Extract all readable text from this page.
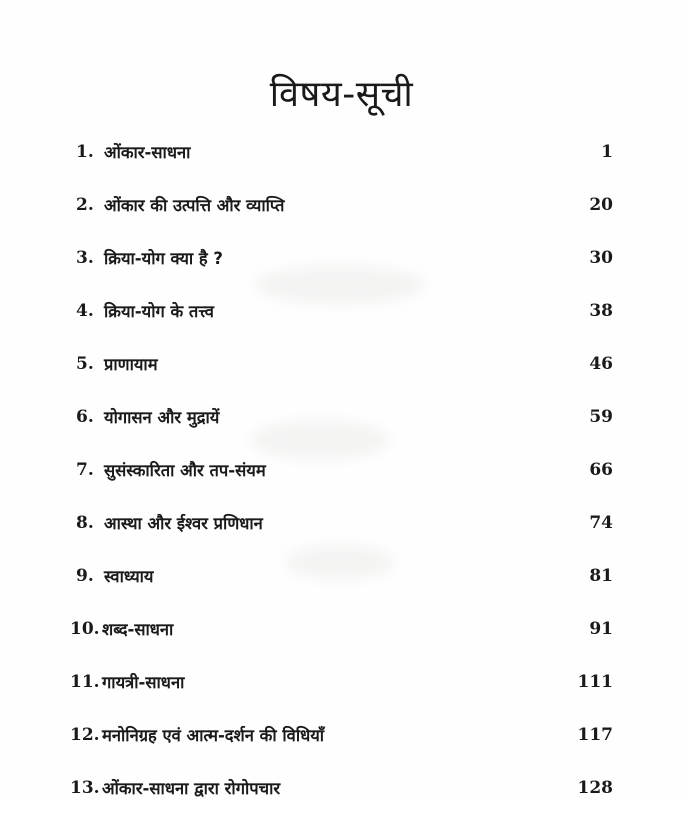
विषय-सूची
1. ओंकार-साधना	1
2. ओंकार की उत्पत्ति और व्याप्ति	20
3. क्रिया-योग क्या है ?	30
4. क्रिया-योग के तत्त्व	38
5. प्राणायाम	46
6. योगासन और मुद्रायें	59
7. सुसंस्कारिता और तप-संयम	66
8. आस्था और ईश्वर प्रणिधान	74
9. स्वाध्याय	81
10. शब्द-साधना	91
11. गायत्री-साधना	111
12. मनोनिग्रह एवं आत्म-दर्शन की विधियाँ	117
13. ओंकार-साधना द्वारा रोगोपचार	128
